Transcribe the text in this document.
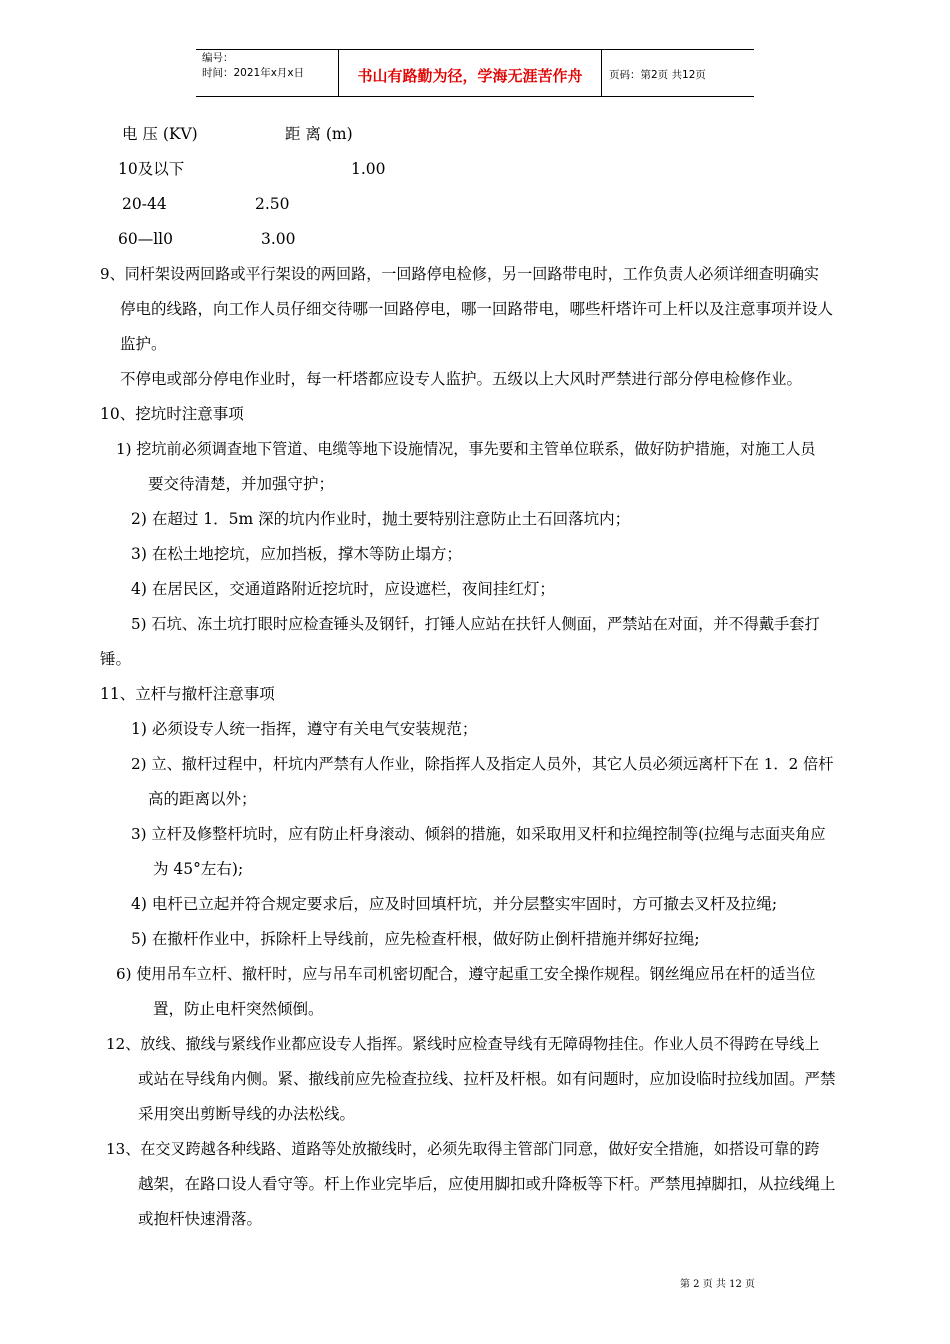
编号：
时间：2021年x月x日	书山有路勤为径，学海无涯苦作舟	页码：第2页 共12页
电 压 (KV)	距 离 (m)
10及以下	1.00
20-44	2.50
60—ll0	3.00
9、同杆架设两回路或平行架设的两回路，一回路停电检修，另一回路带电时，工作负责人必须详细查明确实
停电的线路，向工作人员仔细交待哪一回路停电，哪一回路带电，哪些杆塔许可上杆以及注意事项并设人
监护。
不停电或部分停电作业时，每一杆塔都应设专人监护。五级以上大风时严禁进行部分停电检修作业。
10、挖坑时注意事项
1) 挖坑前必须调查地下管道、电缆等地下设施情况，事先要和主管单位联系，做好防护措施，对施工人员
要交待清楚，并加强守护；
2) 在超过 1．5m 深的坑内作业时，抛土要特别注意防止土石回落坑内；
3) 在松土地挖坑，应加挡板，撑木等防止塌方；
4) 在居民区，交通道路附近挖坑时，应设遮栏，夜间挂红灯；
5) 石坑、冻土坑打眼时应检查锤头及钢钎，打锤人应站在扶钎人侧面，严禁站在对面，并不得戴手套打
锤。
11、立杆与撤杆注意事项
1) 必须设专人统一指挥，遵守有关电气安装规范；
2) 立、撤杆过程中，杆坑内严禁有人作业，除指挥人及指定人员外，其它人员必须远离杆下在 1．2 倍杆
高的距离以外；
3) 立杆及修整杆坑时，应有防止杆身滚动、倾斜的措施，如采取用叉杆和拉绳控制等(拉绳与志面夹角应
为 45°左右);
4) 电杆已立起并符合规定要求后，应及时回填杆坑，并分层整实牢固时，方可撤去叉杆及拉绳;
5) 在撤杆作业中，拆除杆上导线前，应先检查杆根，做好防止倒杆措施并绑好拉绳;
6) 使用吊车立杆、撤杆时，应与吊车司机密切配合，遵守起重工安全操作规程。钢丝绳应吊在杆的适当位
置，防止电杆突然倾倒。
12、放线、撤线与紧线作业都应设专人指挥。紧线时应检查导线有无障碍物挂住。作业人员不得跨在导线上
或站在导线角内侧。紧、撤线前应先检查拉线、拉杆及杆根。如有问题时，应加设临时拉线加固。严禁
采用突出剪断导线的办法松线。
13、在交叉跨越各种线路、道路等处放撤线时，必须先取得主管部门同意，做好安全措施，如搭设可靠的跨
越架，在路口设人看守等。杆上作业完毕后，应使用脚扣或升降板等下杆。严禁甩掉脚扣，从拉线绳上
或抱杆快速滑落。
第 2 页 共 12 页
